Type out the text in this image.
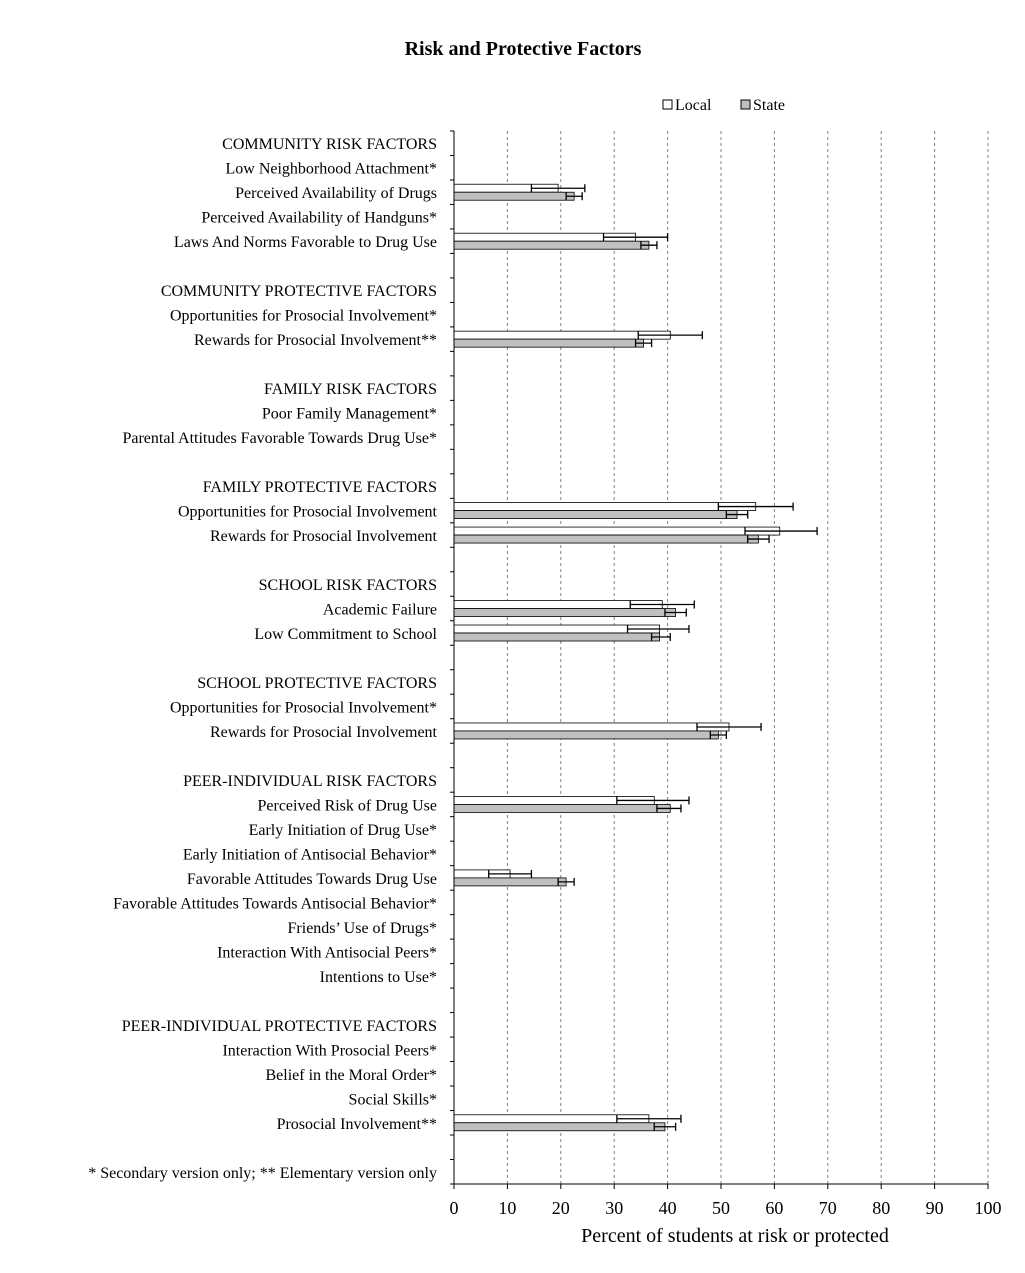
Risk and Protective Factors
Local	State
0 10 20 30 40 50 60 70 80 90 100
COMMUNITY RISK FACTORS
Low Neighborhood Attachment*
Perceived Availability of Drugs
Perceived Availability of Handguns*
Laws And Norms Favorable to Drug Use
COMMUNITY PROTECTIVE FACTORS
Opportunities for Prosocial Involvement*
Rewards for Prosocial Involvement**
FAMILY RISK FACTORS
Poor Family Management*
Parental Attitudes Favorable Towards Drug Use*
FAMILY PROTECTIVE FACTORS
Opportunities for Prosocial Involvement
Rewards for Prosocial Involvement
SCHOOL RISK FACTORS
Academic Failure
Low Commitment to School
SCHOOL PROTECTIVE FACTORS
Opportunities for Prosocial Involvement*
Rewards for Prosocial Involvement
PEER-INDIVIDUAL RISK FACTORS
Perceived Risk of Drug Use
Early Initiation of Drug Use*
Early Initiation of Antisocial Behavior*
Favorable Attitudes Towards Drug Use
Favorable Attitudes Towards Antisocial Behavior*
Friends’ Use of Drugs*
Interaction With Antisocial Peers*
Intentions to Use*
PEER-INDIVIDUAL PROTECTIVE FACTORS
Interaction With Prosocial Peers*
Belief in the Moral Order*
Social Skills*
Prosocial Involvement**
* Secondary version only; ** Elementary version only
Percent of students at risk or protected
